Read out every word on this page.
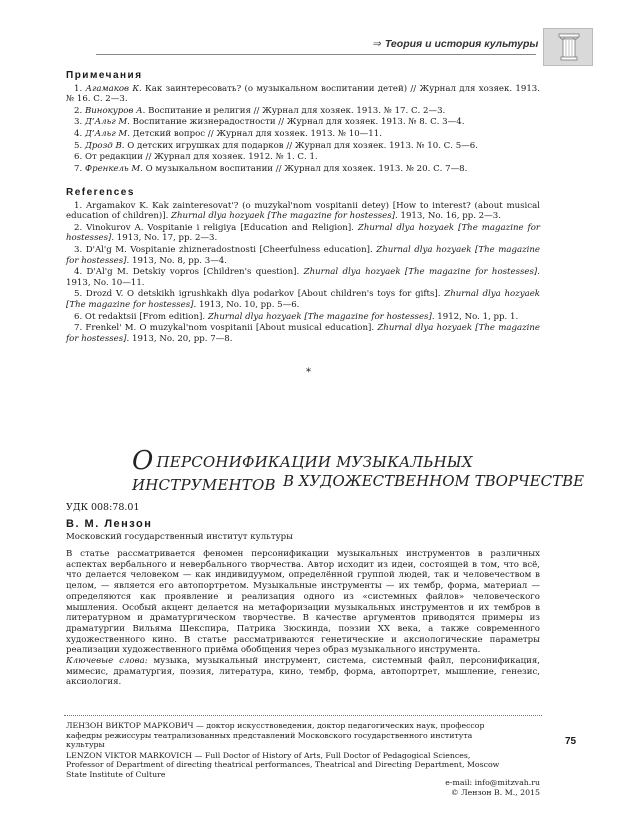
⇒ Теория и история культуры
Примечания
1. Агамаков К. Как заинтересовать? (о музыкальном воспитании детей) // Журнал для хозяек. 1913. № 16. С. 2—3.
2. Винокуров А. Воспитание и религия // Журнал для хозяек. 1913. № 17. С. 2—3.
3. Д’Альг М. Воспитание жизнерадостности // Журнал для хозяек. 1913. № 8. С. 3—4.
4. Д’Альг М. Детский вопрос // Журнал для хозяек. 1913. № 10—11.
5. Дрозд В. О детских игрушках для подарков // Журнал для хозяек. 1913. № 10. С. 5—6.
6. От редакции // Журнал для хозяек. 1912. № 1. С. 1.
7. Френкель М. О музыкальном воспитании // Журнал для хозяек. 1913. № 20. С. 7—8.
References
1. Argamakov K. Kak zainteresovat'? (o muzykal'nom vospitanii detey) [How to interest? (about musical education of children)]. Zhurnal dlya hozyaek [The magazine for hostesses]. 1913, No. 16, pp. 2—3.
2. Vinokurov A. Vospitanie i religiya [Education and Religion]. Zhurnal dlya hozyaek [The magazine for hostesses]. 1913, No. 17, pp. 2—3.
3. D'Al'g M. Vospitanie zhizneradostnosti [Cheerfulness education]. Zhurnal dlya hozyaek [The magazine for hostesses]. 1913, No. 8, pp. 3—4.
4. D'Al'g M. Detskiy vopros [Children's question]. Zhurnal dlya hozyaek [The magazine for hostesses]. 1913, No. 10—11.
5. Drozd V. O detskikh igrushkakh dlya podarkov [About children's toys for gifts]. Zhurnal dlya hozyaek [The magazine for hostesses]. 1913, No. 10, pp. 5—6.
6. Ot redaktsii [From edition]. Zhurnal dlya hozyaek [The magazine for hostesses]. 1912, No. 1, pp. 1.
7. Frenkel' M. O muzykal'nom vospitanii [About musical education]. Zhurnal dlya hozyaek [The magazine for hostesses]. 1913, No. 20, pp. 7—8.
*
ОПЕРСОНИФИКАЦИИ МУЗЫКАЛЬНЫХ ИНСТРУМЕНТОВ В ХУДОЖЕСТВЕННОМ ТВОРЧЕСТВЕ
УДК 008:78.01
В. М. Лензон
Московский государственный институт культуры

В статье рассматривается феномен персонификации музыкальных инструментов в различных аспектах вербального и невербального творчества. Автор исходит из идеи, состоящей в том, что всё, что делается человеком — как индивидуумом, определённой группой людей, так и человечеством в целом, — является его автопортретом. Музыкальные инструменты — их тембр, форма, материал — определяются как проявление и реализация одного из «системных файлов» человеческого мышления. Особый акцент делается на метафоризации музыкальных инструментов и их тембров в литературном и драматургическом творчестве. В качестве аргументов приводятся примеры из драматургии Вильяма Шекспира, Патрика Зюскинда, поэзии XX века, а также современного художественного кино. В статье рассматриваются генетические и аксиологические параметры реализации художественного приёма обобщения через образ музыкального инструмента.

Ключевые слова: музыка, музыкальный инструмент, система, системный файл, персонификация, мимесис, драматургия, поэзия, литература, кино, тембр, форма, автопортрет, мышление, генезис, аксиология.

ЛЕНЗОН ВИКТОР МАРКОВИЧ — доктор искусствоведения, доктор педагогических наук, профессор кафедры режиссуры театрализованных представлений Московского государственного института культуры

LENZON VIKTOR MARKOVICH — Full Doctor of History of Arts, Full Doctor of Pedagogical Sciences, Professor of Department of directing theatrical performances, Theatrical and Directing Department, Moscow State Institute of Culture

75
e-mail: info@mitzvah.ru
© Лензон В. М., 2015
